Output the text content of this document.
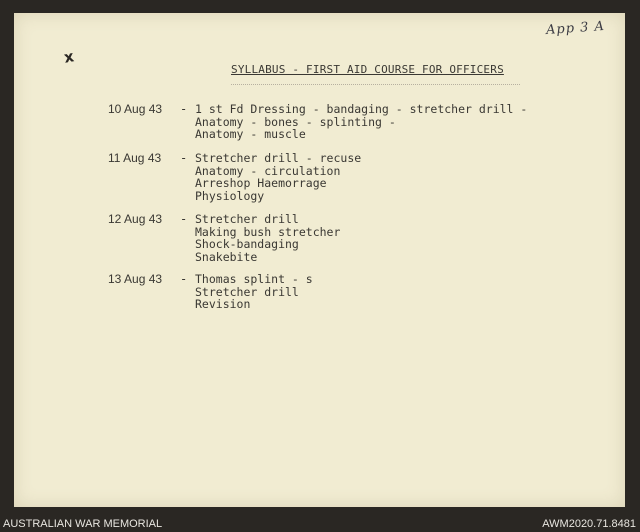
App 3 A
x
SYLLABUS - FIRST AID COURSE FOR OFFICERS
10 Aug 43 - 1 st Fd Dressing - bandaging - stretcher drill -
Anatomy - bones - splinting -
Anatomy - muscle
11 Aug 43 - Stretcher drill - recuse
Anatomy - circulation
Arreshop Haemorrage
Physiology
12 Aug 43 - Stretcher drill
Making bush stretcher
Shock-bandaging
Snakebite
13 Aug 43 - Thomas splint - s
Stretcher drill
Revision
AUSTRALIAN WAR MEMORIAL	AWM2020.71.8481
